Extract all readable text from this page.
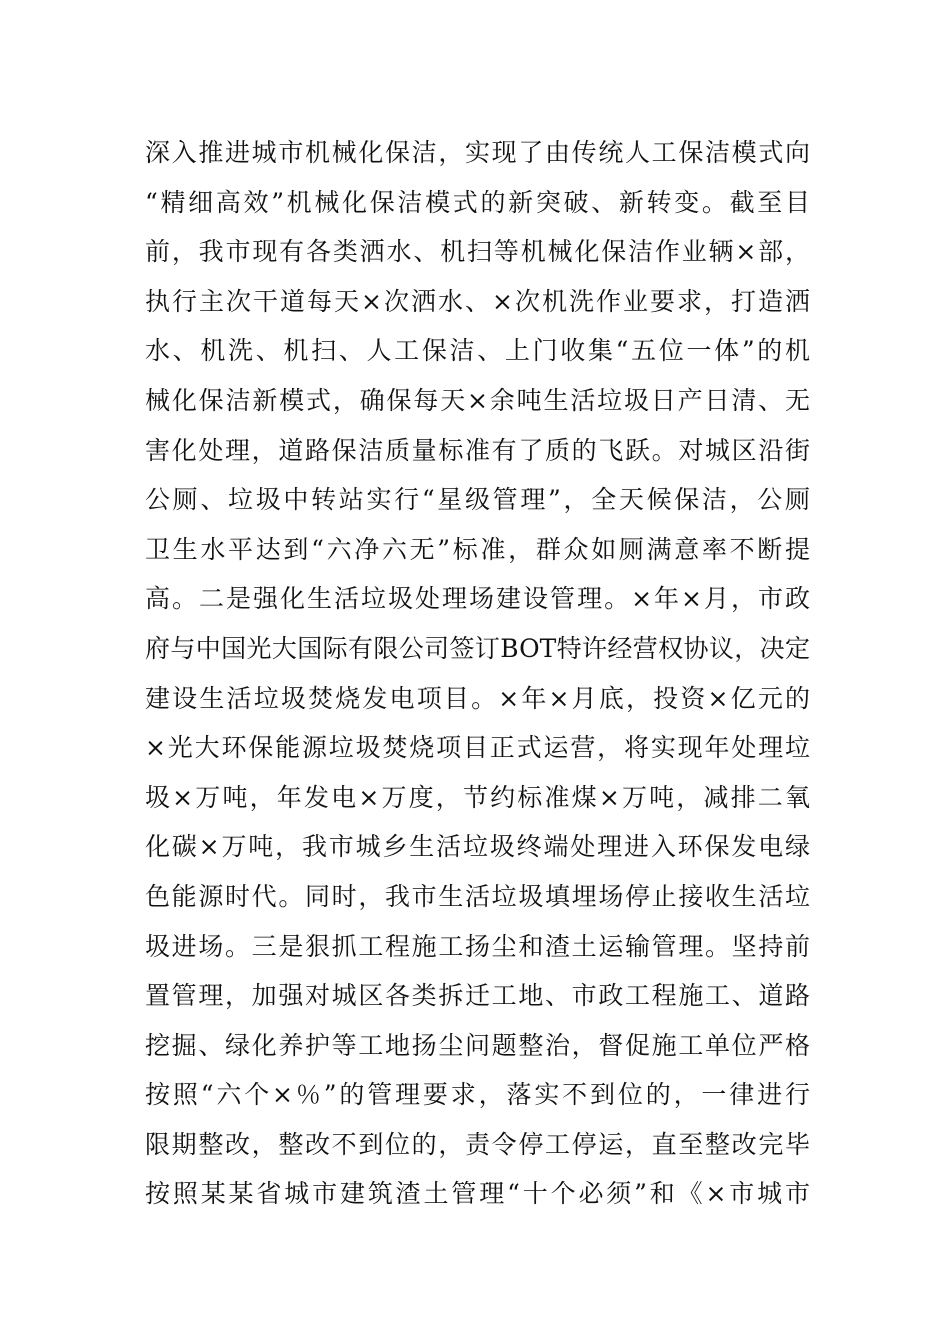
深入推进城市机械化保洁，实现了由传统人工保洁模式向
“精细高效”机械化保洁模式的新突破、新转变。截至目
前，我市现有各类洒水、机扫等机械化保洁作业辆×部，
执行主次干道每天×次洒水、×次机洗作业要求，打造洒
水、机洗、机扫、人工保洁、上门收集“五位一体”的机
械化保洁新模式，确保每天×余吨生活垃圾日产日清、无
害化处理，道路保洁质量标准有了质的飞跃。对城区沿街
公厕、垃圾中转站实行“星级管理”，全天候保洁，公厕
卫生水平达到“六净六无”标准，群众如厕满意率不断提
高。二是强化生活垃圾处理场建设管理。×年×月，市政
府与中国光大国际有限公司签订BOT特许经营权协议，决定
建设生活垃圾焚烧发电项目。×年×月底，投资×亿元的
×光大环保能源垃圾焚烧项目正式运营，将实现年处理垃
圾×万吨，年发电×万度，节约标准煤×万吨，减排二氧
化碳×万吨，我市城乡生活垃圾终端处理进入环保发电绿
色能源时代。同时，我市生活垃圾填埋场停止接收生活垃
圾进场。三是狠抓工程施工扬尘和渣土运输管理。坚持前
置管理，加强对城区各类拆迁工地、市政工程施工、道路
挖掘、绿化养护等工地扬尘问题整治，督促施工单位严格
按照“六个×％”的管理要求，落实不到位的，一律进行
限期整改，整改不到位的，责令停工停运，直至整改完毕
按照某某省城市建筑渣土管理“十个必须”和《×市城市
